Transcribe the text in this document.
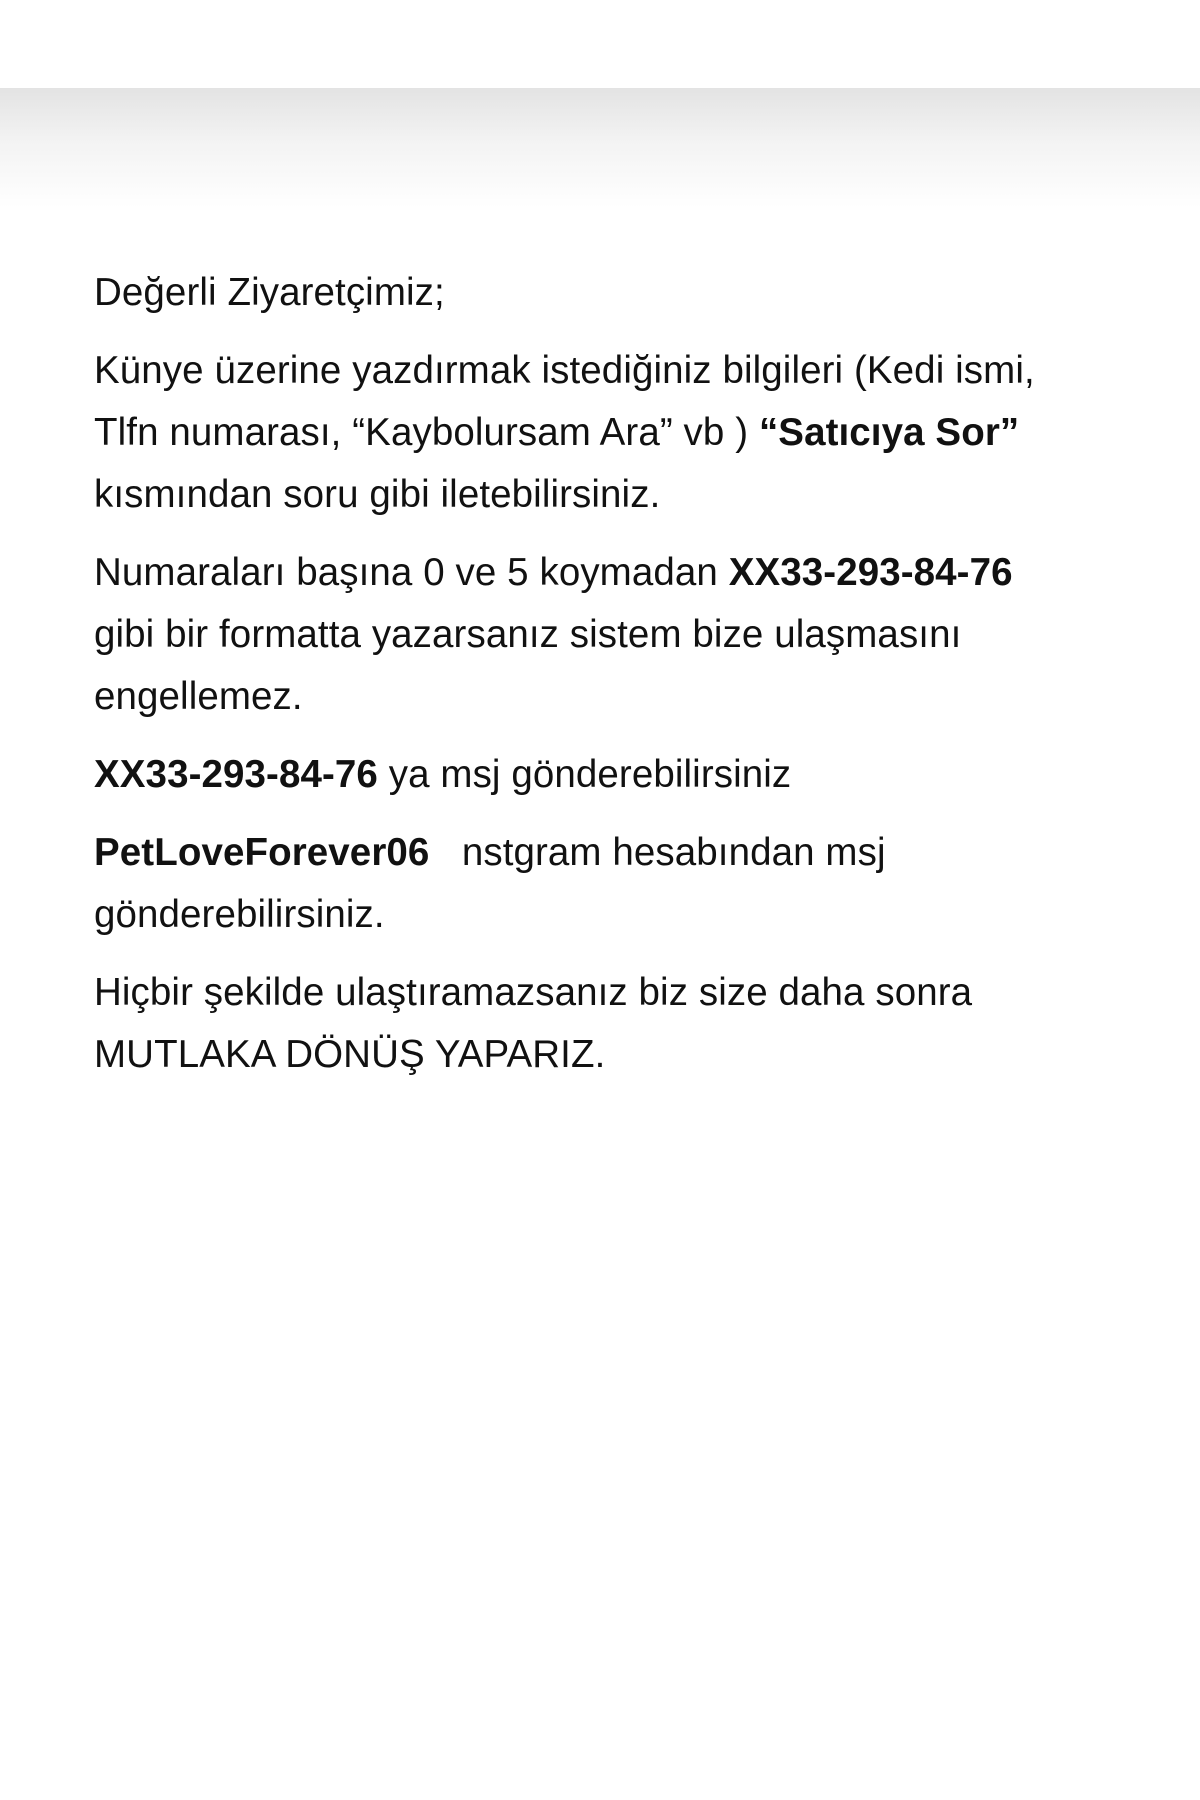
Değerli Ziyaretçimiz;

Künye üzerine yazdırmak istediğiniz bilgileri (Kedi ismi,
Tlfn numarası, “Kaybolursam Ara” vb ) “Satıcıya Sor”
kısmından soru gibi iletebilirsiniz.

Numaraları başına 0 ve 5 koymadan XX33-293-84-76
gibi bir formatta yazarsanız sistem bize ulaşmasını
engellemez.

XX33-293-84-76 ya msj gönderebilirsiniz

PetLoveForever06   nstgram hesabından msj
gönderebilirsiniz.

Hiçbir şekilde ulaştıramazsanız biz size daha sonra
MUTLAKA DÖNÜŞ YAPARIZ.
